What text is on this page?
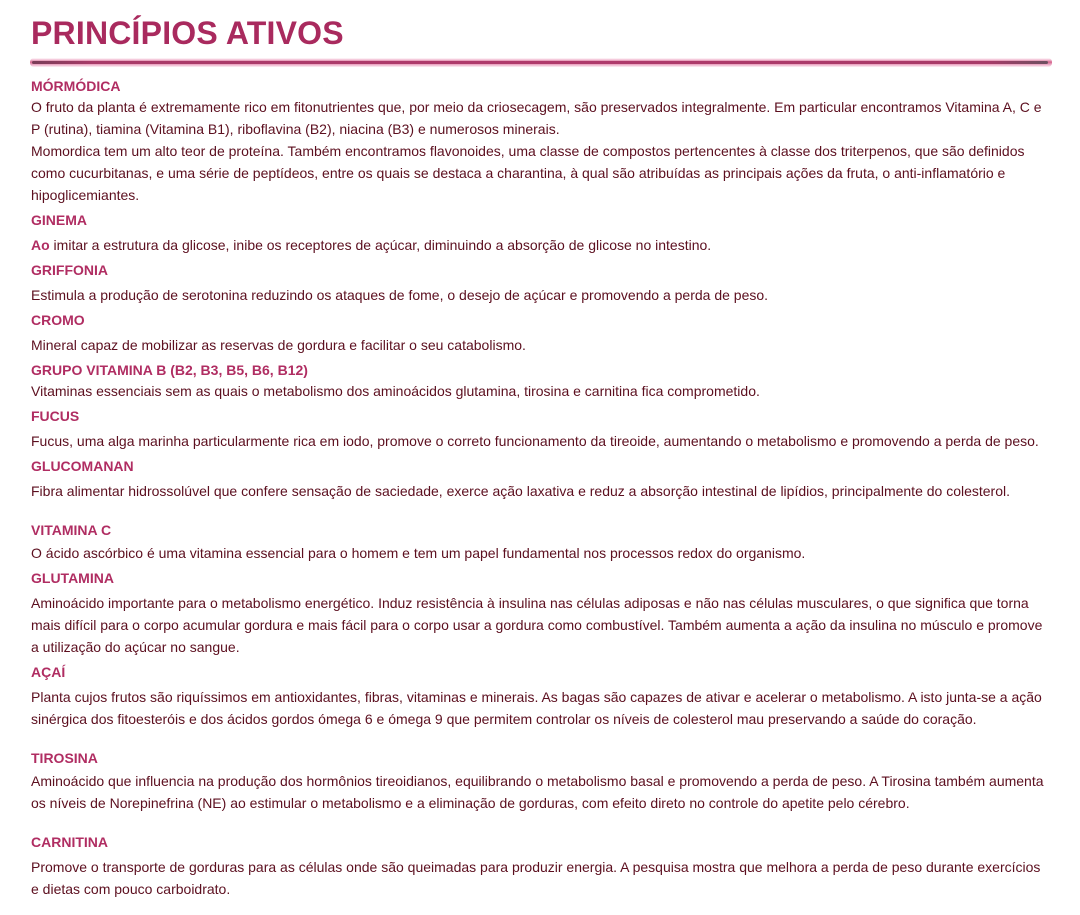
PRINCÍPIOS ATIVOS
MÓRMÓDICA

O fruto da planta é extremamente rico em fitonutrientes que, por meio da criosecagem, são preservados integralmente. Em particular encontramos Vitamina A, C e P (rutina), tiamina (Vitamina B1), riboflavina (B2), niacina (B3) e numerosos minerais.

Momordica tem um alto teor de proteína. Também encontramos flavonoides, uma classe de compostos pertencentes à classe dos triterpenos, que são definidos como cucurbitanas, e uma série de peptídeos, entre os quais se destaca a charantina, à qual são atribuídas as principais ações da fruta, o anti-inflamatório e hipoglicemiantes.

GINEMA

Ao imitar a estrutura da glicose, inibe os receptores de açúcar, diminuindo a absorção de glicose no intestino.

GRIFFONIA

Estimula a produção de serotonina reduzindo os ataques de fome, o desejo de açúcar e promovendo a perda de peso.

CROMO

Mineral capaz de mobilizar as reservas de gordura e facilitar o seu catabolismo.

GRUPO VITAMINA B (B2, B3, B5, B6, B12)

Vitaminas essenciais sem as quais o metabolismo dos aminoácidos glutamina, tirosina e carnitina fica comprometido.

FUCUS

Fucus, uma alga marinha particularmente rica em iodo, promove o correto funcionamento da tireoide, aumentando o metabolismo e promovendo a perda de peso.

GLUCOMANAN

Fibra alimentar hidrossolúvel que confere sensação de saciedade, exerce ação laxativa e reduz a absorção intestinal de lipídios, principalmente do colesterol.

VITAMINA C

O ácido ascórbico é uma vitamina essencial para o homem e tem um papel fundamental nos processos redox do organismo.

GLUTAMINA

Aminoácido importante para o metabolismo energético. Induz resistência à insulina nas células adiposas e não nas células musculares, o que significa que torna mais difícil para o corpo acumular gordura e mais fácil para o corpo usar a gordura como combustível. Também aumenta a ação da insulina no músculo e promove a utilização do açúcar no sangue.

AÇAÍ

Planta cujos frutos são riquíssimos em antioxidantes, fibras, vitaminas e minerais. As bagas são capazes de ativar e acelerar o metabolismo. A isto junta-se a ação sinérgica dos fitoesteróis e dos ácidos gordos ómega 6 e ómega 9 que permitem controlar os níveis de colesterol mau preservando a saúde do coração.

TIROSINA

Aminoácido que influencia na produção dos hormônios tireoidianos, equilibrando o metabolismo basal e promovendo a perda de peso. A Tirosina também aumenta os níveis de Norepinefrina (NE) ao estimular o metabolismo e a eliminação de gorduras, com efeito direto no controle do apetite pelo cérebro.

CARNITINA

Promove o transporte de gorduras para as células onde são queimadas para produzir energia. A pesquisa mostra que melhora a perda de peso durante exercícios e dietas com pouco carboidrato.
